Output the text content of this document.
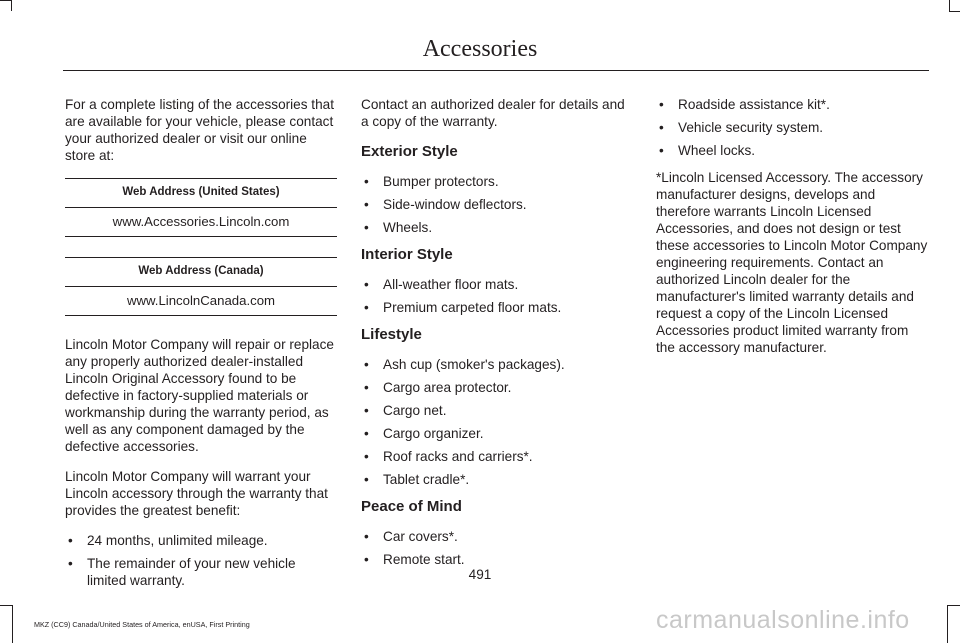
Accessories

For a complete listing of the accessories that are available for your vehicle, please contact your authorized dealer or visit our online store at:

Web Address (United States)
www.Accessories.Lincoln.com
Web Address (Canada)
www.LincolnCanada.com

Lincoln Motor Company will repair or replace any properly authorized dealer-installed Lincoln Original Accessory found to be defective in factory-supplied materials or workmanship during the warranty period, as well as any component damaged by the defective accessories.

Lincoln Motor Company will warrant your Lincoln accessory through the warranty that provides the greatest benefit:

• 24 months, unlimited mileage.
• The remainder of your new vehicle limited warranty.

Contact an authorized dealer for details and a copy of the warranty.

Exterior Style
• Bumper protectors.
• Side-window deflectors.
• Wheels.
Interior Style
• All-weather floor mats.
• Premium carpeted floor mats.
Lifestyle
• Ash cup (smoker's packages).
• Cargo area protector.
• Cargo net.
• Cargo organizer.
• Roof racks and carriers*.
• Tablet cradle*.
Peace of Mind
• Car covers*.
• Remote start.
• Roadside assistance kit*.
• Vehicle security system.
• Wheel locks.

*Lincoln Licensed Accessory. The accessory manufacturer designs, develops and therefore warrants Lincoln Licensed Accessories, and does not design or test these accessories to Lincoln Motor Company engineering requirements. Contact an authorized Lincoln dealer for the manufacturer's limited warranty details and request a copy of the Lincoln Licensed Accessories product limited warranty from the accessory manufacturer.

491
MKZ (CC9) Canada/United States of America, enUSA, First Printing	carmanualsonline.info
